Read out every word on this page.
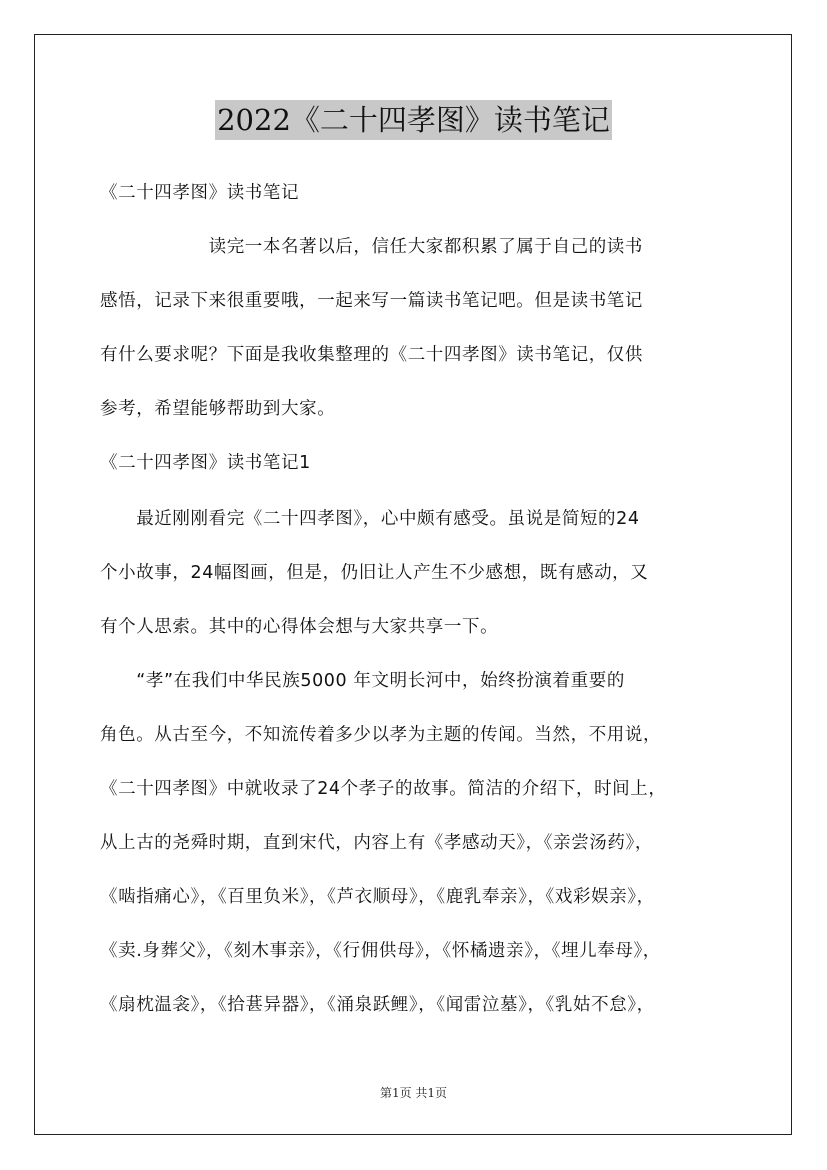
2022《二十四孝图》读书笔记
《二十四孝图》读书笔记
　　　　　　读完一本名著以后，信任大家都积累了属于自己的读书
感悟，记录下来很重要哦，一起来写一篇读书笔记吧。但是读书笔记
有什么要求呢？下面是我收集整理的《二十四孝图》读书笔记，仅供
参考，希望能够帮助到大家。
《二十四孝图》读书笔记1
　　最近刚刚看完《二十四孝图》，心中颇有感受。虽说是简短的24
个小故事，24幅图画，但是，仍旧让人产生不少感想，既有感动，又
有个人思索。其中的心得体会想与大家共享一下。
　　“孝”在我们中华民族5000 年文明长河中，始终扮演着重要的
角色。从古至今，不知流传着多少以孝为主题的传闻。当然，不用说，
《二十四孝图》中就收录了24个孝子的故事。简洁的介绍下，时间上，
从上古的尧舜时期，直到宋代，内容上有《孝感动天》，《亲尝汤药》，
《啮指痛心》，《百里负米》，《芦衣顺母》，《鹿乳奉亲》，《戏彩娱亲》，
《卖.身葬父》，《刻木事亲》，《行佣供母》，《怀橘遗亲》，《埋儿奉母》，
《扇枕温衾》，《拾葚异器》，《涌泉跃鲤》，《闻雷泣墓》，《乳姑不怠》，
第1页 共1页
